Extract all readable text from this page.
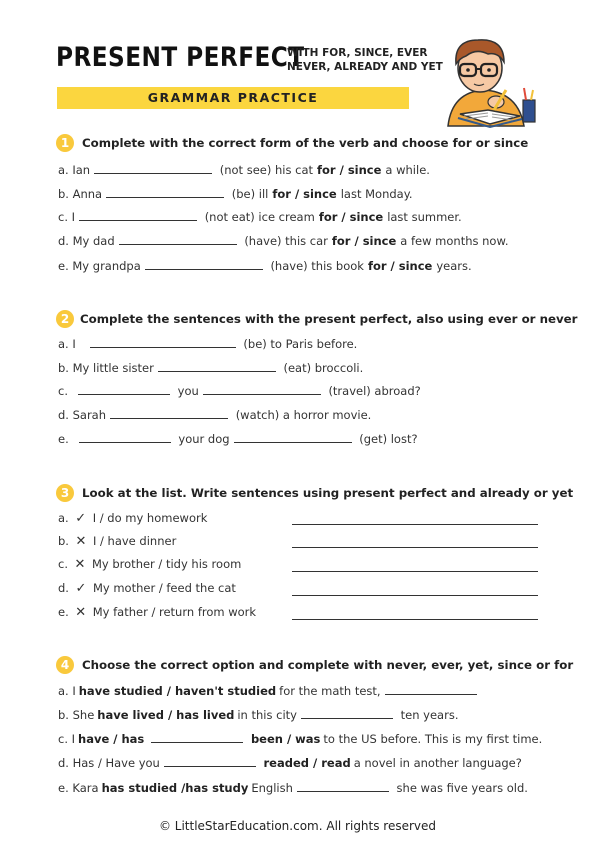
PRESENT PERFECT
WITH FOR, SINCE, EVER
NEVER, ALREADY AND YET
GRAMMAR PRACTICE
1	Complete with the correct form of the verb and choose for or since
a. Ian	(not see) his cat for / since a while.
b. Anna	(be) ill for / since last Monday.
c. I	(not eat) ice cream for / since last summer.
d. My dad	(have) this car for / since a few months now.
e. My grandpa	(have) this book for / since years.
2 Complete the sentences with the present perfect, also using ever or never
a. I	(be) to Paris before.
b. My little sister	(eat) broccoli.
c.	you	(travel) abroad?
d. Sarah	(watch) a horror movie.
e.	your dog	(get) lost?
3	Look at the list. Write sentences using present perfect and already or yet
a. ✓ I / do my homework
b. ✕ I / have dinner
c. ✕ My brother / tidy his room
d. ✓ My mother / feed the cat
e. ✕ My father / return from work
4	Choose the correct option and complete with never, ever, yet, since or for
a. I have studied / haven't studied for the math test,
b. She have lived / has lived in this city	ten years.
c. I have / has	been / was to the US before. This is my first time.
d. Has / Have you	readed / read a novel in another language?
e. Kara has studied /has study English	she was five years old.
© LittleStarEducation.com. All rights reserved
